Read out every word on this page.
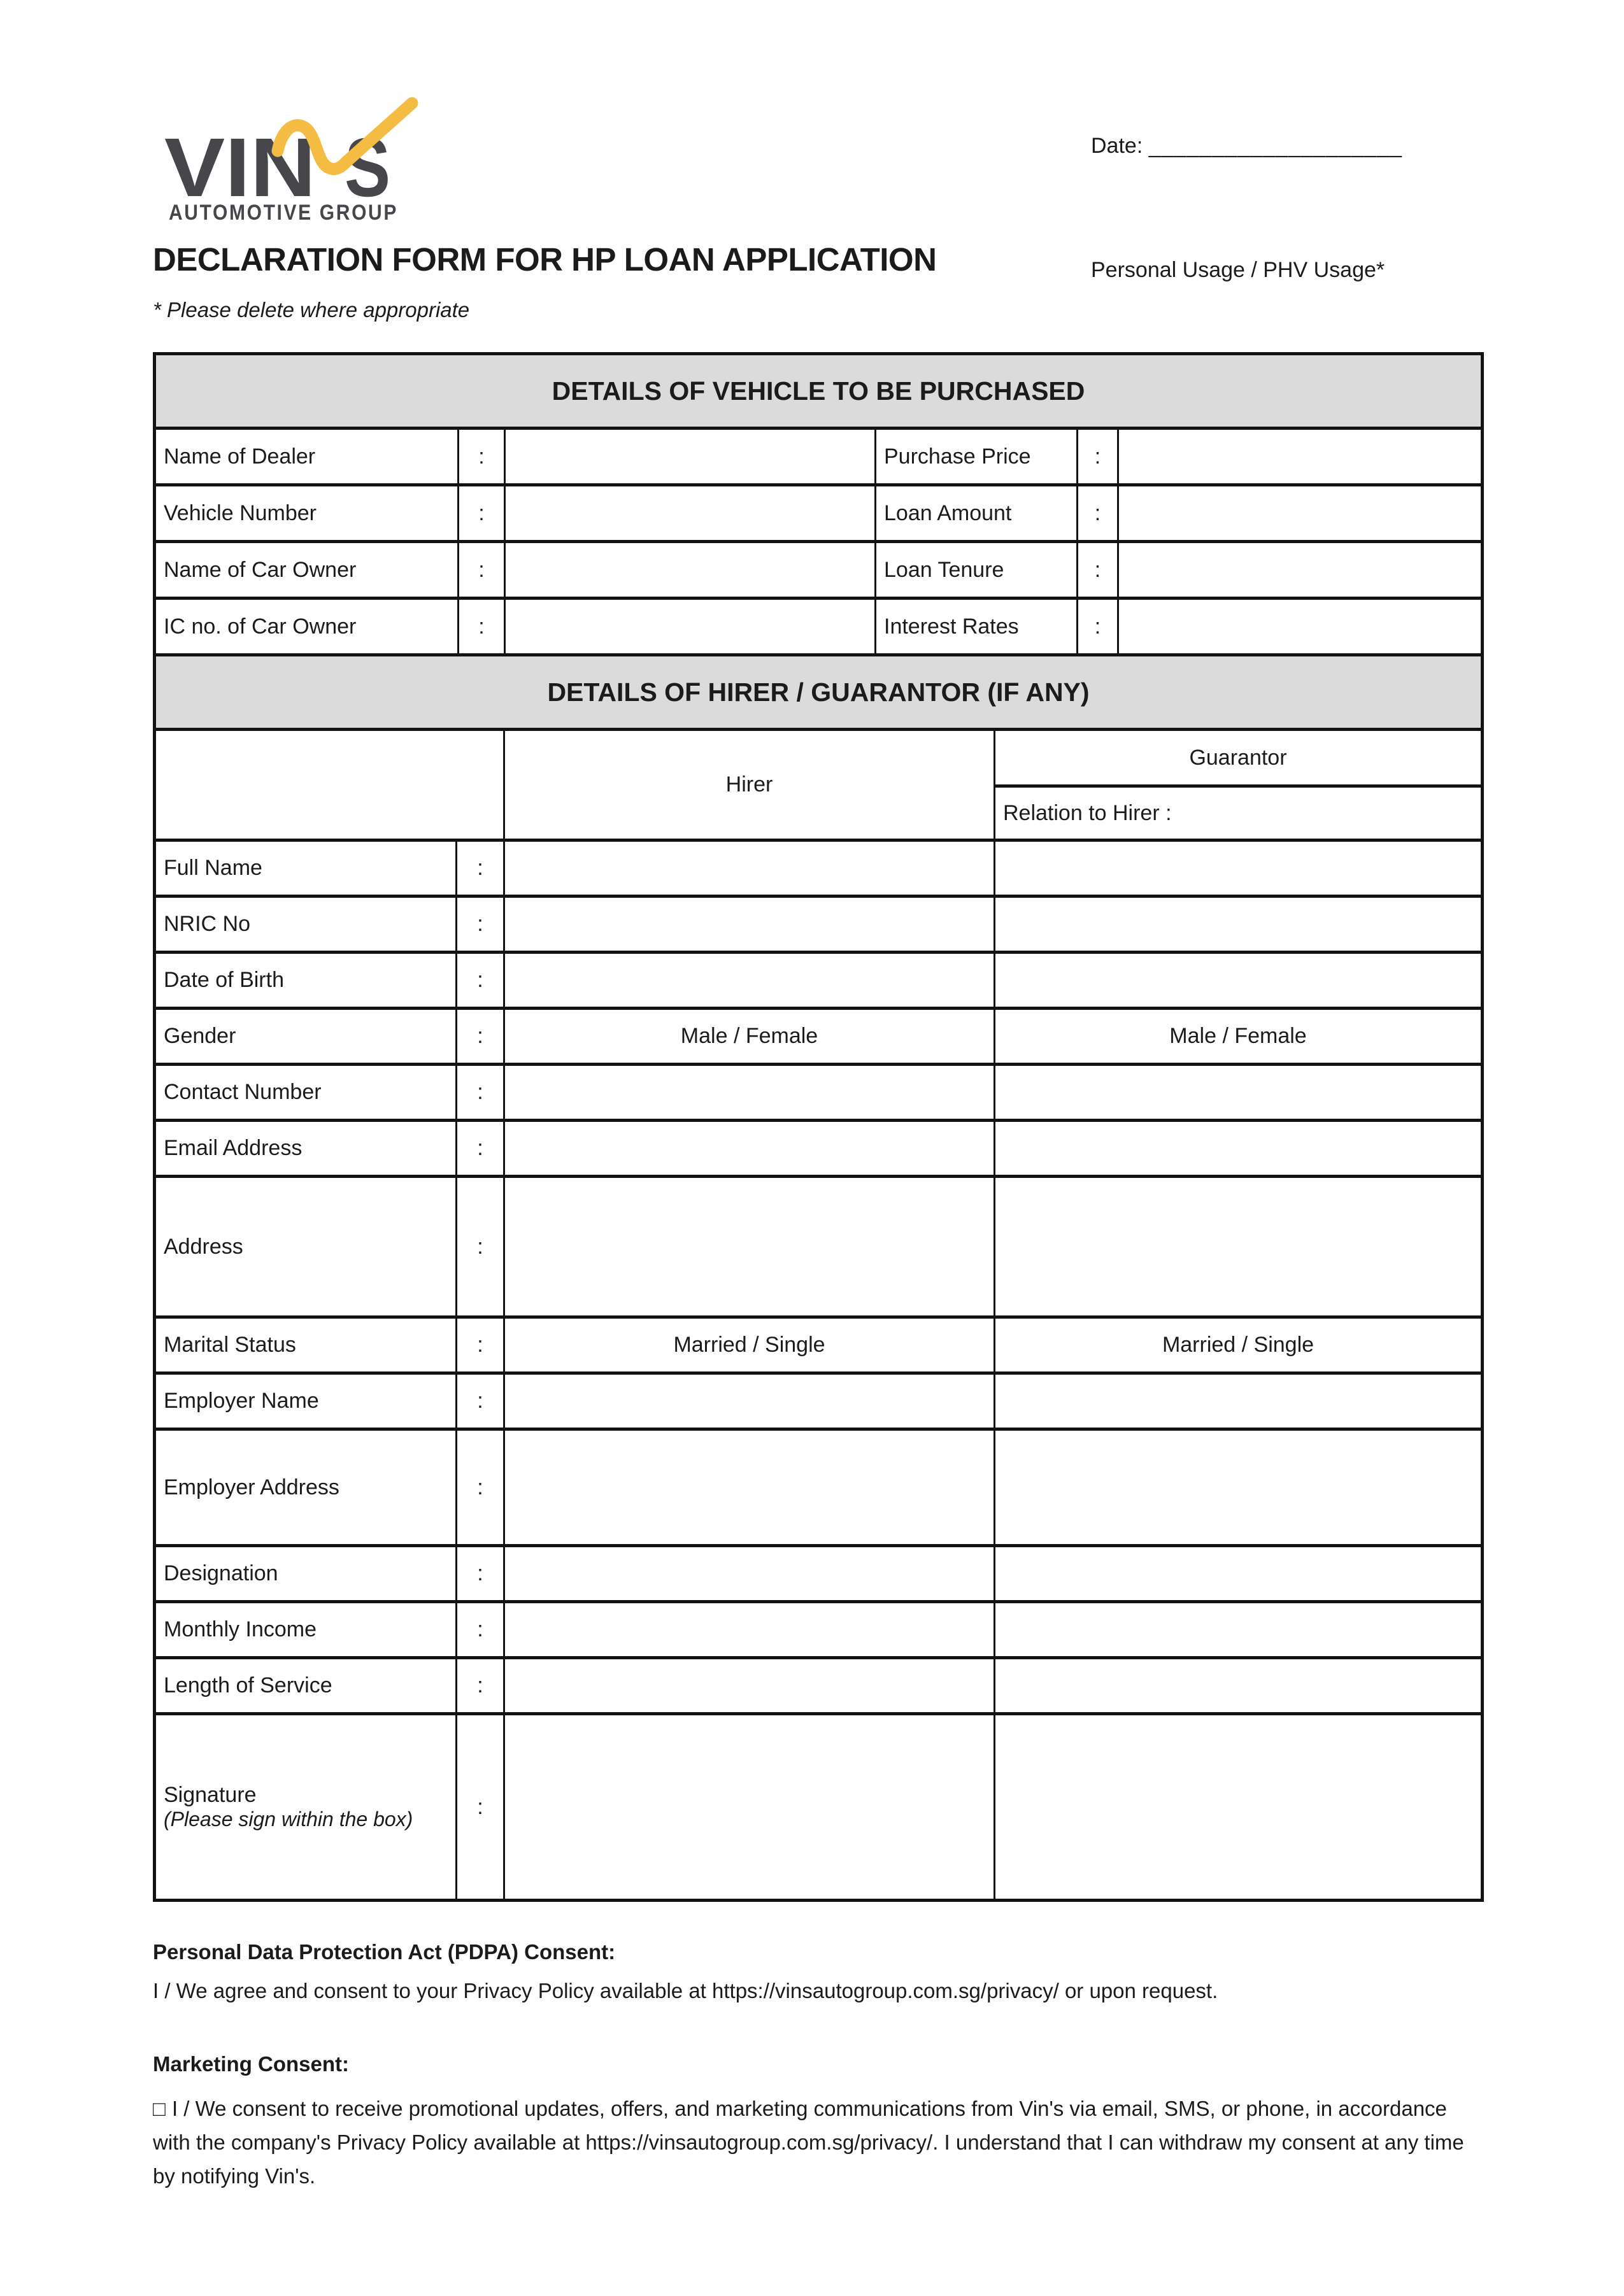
VIN S
AUTOMOTIVE GROUP
Date: ____________________
DECLARATION FORM FOR HP LOAN APPLICATION	Personal Usage / PHV Usage*
* Please delete where appropriate
DETAILS OF VEHICLE TO BE PURCHASED					
Name of Dealer	:		Purchase Price	:	
Vehicle Number	:		Loan Amount	:	
Name of Car Owner	:		Loan Tenure	:	
IC no. of Car Owner	:		Interest Rates	:	
DETAILS OF HIRER / GUARANTOR (IF ANY)			
		Hirer	Guarantor
			Relation to Hirer :
Full Name	:		
NRIC No	:		
Date of Birth	:		
Gender	:	Male / Female	Male / Female
Contact Number	:		
Email Address	:		
Address	:		
Marital Status	:	Married / Single	Married / Single
Employer Name	:		
Employer Address	:		
Designation	:		
Monthly Income	:		
Length of Service	:		

Signature
(Please sign within the box)	:		

Personal Data Protection Act (PDPA) Consent:

I / We agree and consent to your Privacy Policy available at https://vinsautogroup.com.sg/privacy/ or upon request.

Marketing Consent:

□ I / We consent to receive promotional updates, offers, and marketing communications from Vin's via email, SMS, or phone, in accordance with the company's Privacy Policy available at https://vinsautogroup.com.sg/privacy/. I understand that I can withdraw my consent at any time by notifying Vin's.
